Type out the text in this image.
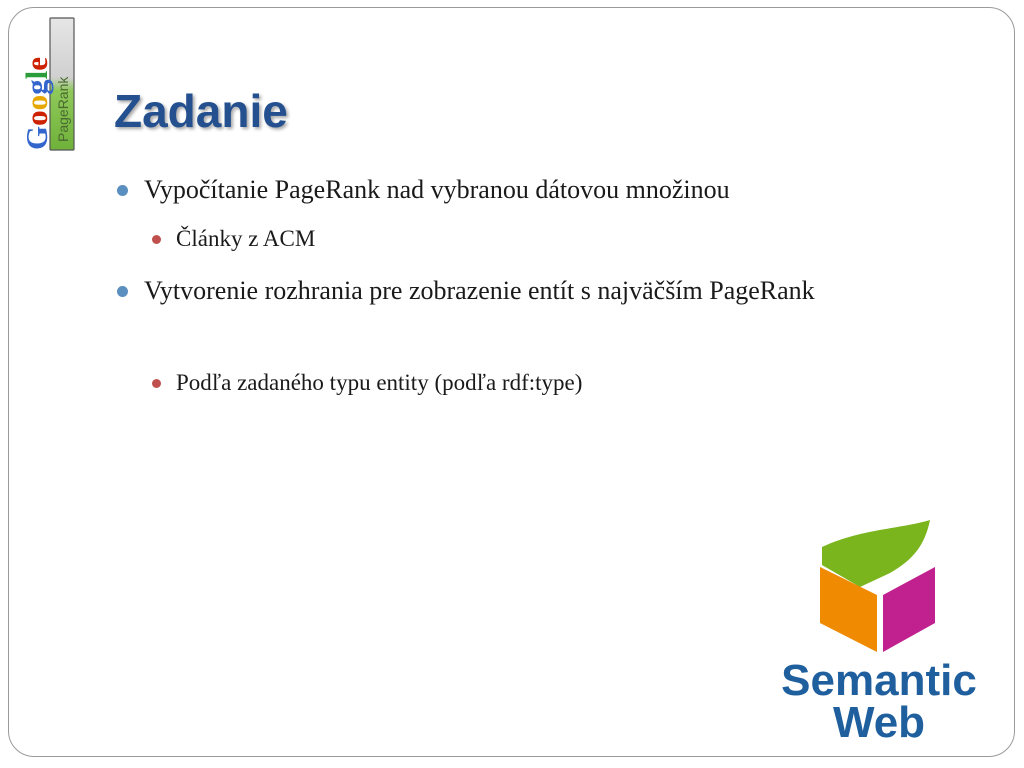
PageRank
Google
Zadanie
Vypočítanie PageRank nad vybranou dátovou množinou
Články z ACM
Vytvorenie rozhrania pre zobrazenie entít s najväčším PageRank
Podľa zadaného typu entity (podľa rdf:type)
Semantic
Web
